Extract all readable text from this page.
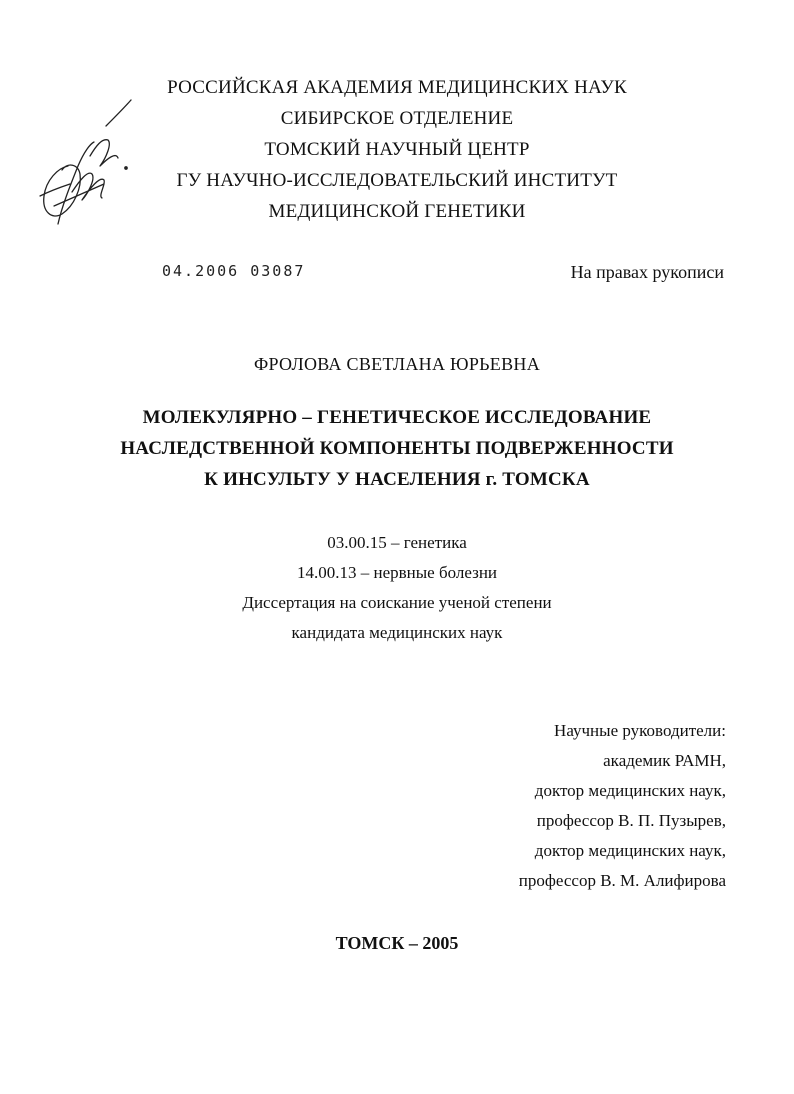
РОССИЙСКАЯ АКАДЕМИЯ МЕДИЦИНСКИХ НАУК
СИБИРСКОЕ ОТДЕЛЕНИЕ
ТОМСКИЙ НАУЧНЫЙ ЦЕНТР
ГУ НАУЧНО-ИССЛЕДОВАТЕЛЬСКИЙ ИНСТИТУТ
МЕДИЦИНСКОЙ ГЕНЕТИКИ
04.2006 03087	На правах рукописи
ФРОЛОВА СВЕТЛАНА ЮРЬЕВНА
МОЛЕКУЛЯРНО – ГЕНЕТИЧЕСКОЕ ИССЛЕДОВАНИЕ
НАСЛЕДСТВЕННОЙ КОМПОНЕНТЫ ПОДВЕРЖЕННОСТИ
К ИНСУЛЬТУ У НАСЕЛЕНИЯ г. ТОМСКА
03.00.15 – генетика
14.00.13 – нервные болезни
Диссертация на соискание ученой степени
кандидата медицинских наук
Научные руководители:
академик РАМН,
доктор медицинских наук,
профессор В. П. Пузырев,
доктор медицинских наук,
профессор В. М. Алифирова
ТОМСК – 2005
